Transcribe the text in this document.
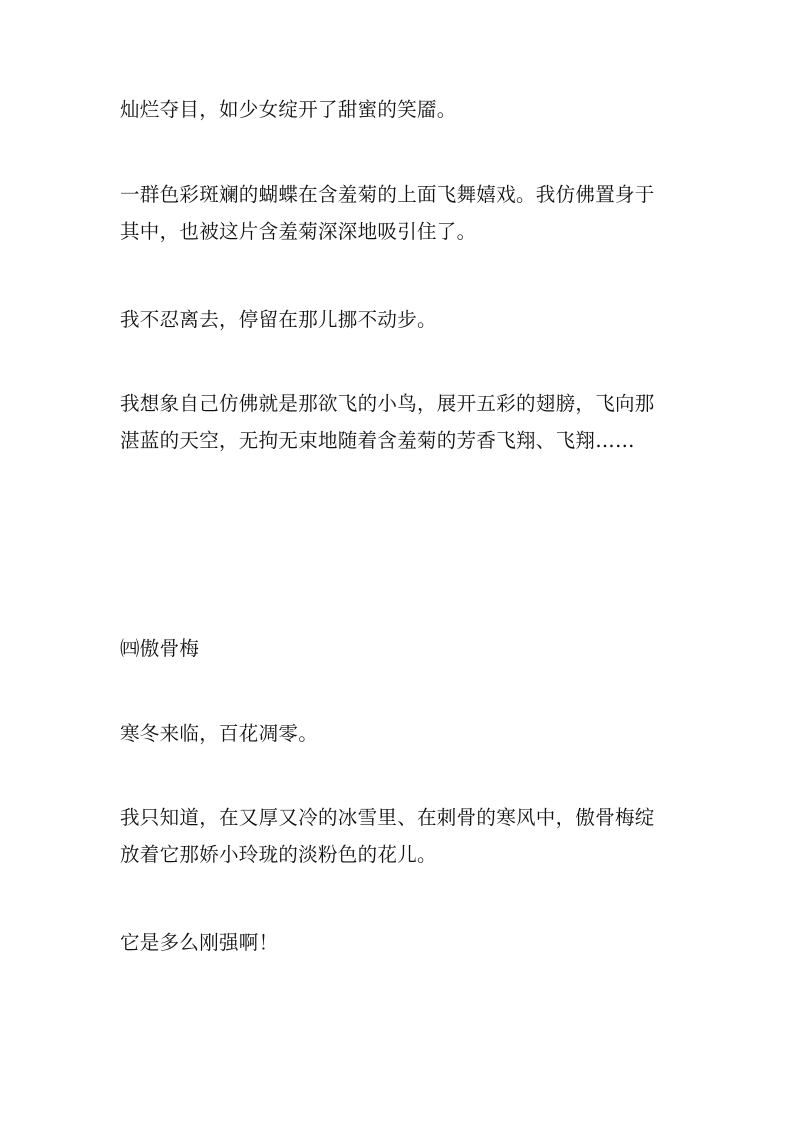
灿烂夺目，如少女绽开了甜蜜的笑靥。

一群色彩斑斓的蝴蝶在含羞菊的上面飞舞嬉戏。我仿佛置身于其中，也被这片含羞菊深深地吸引住了。

我不忍离去，停留在那儿挪不动步。

我想象自己仿佛就是那欲飞的小鸟，展开五彩的翅膀，飞向那湛蓝的天空，无拘无束地随着含羞菊的芳香飞翔、飞翔……

㈣傲骨梅

寒冬来临，百花凋零。

我只知道，在又厚又冷的冰雪里、在刺骨的寒风中，傲骨梅绽放着它那娇小玲珑的淡粉色的花儿。

它是多么刚强啊！
